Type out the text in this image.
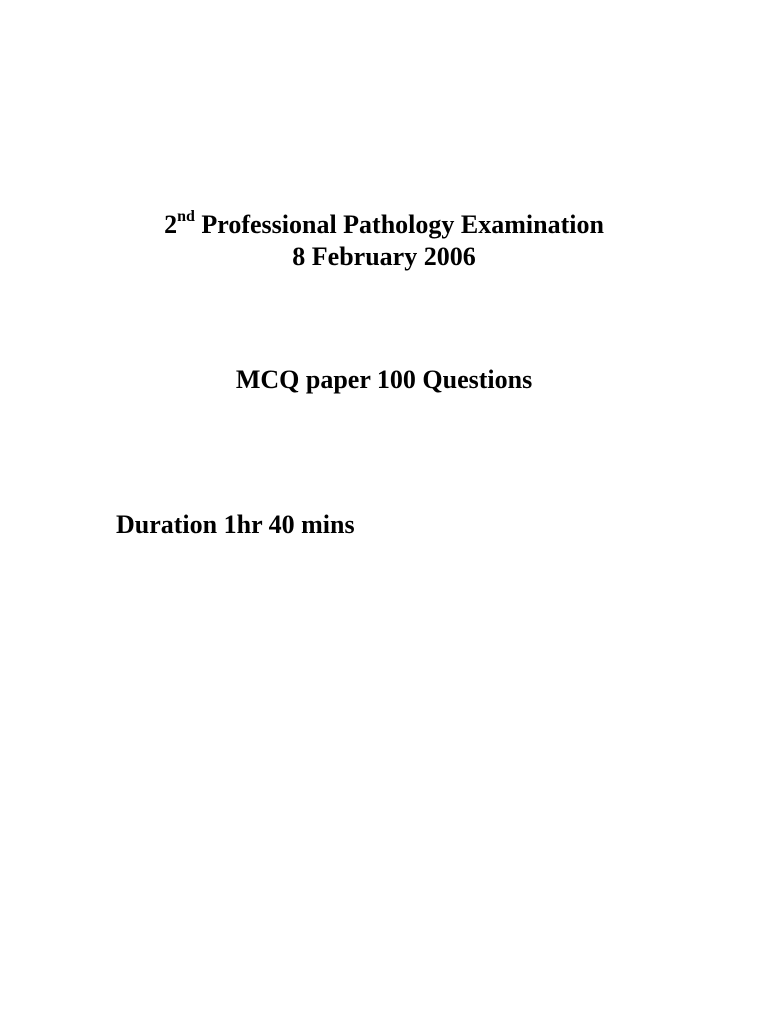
2nd Professional Pathology Examination
8 February 2006
MCQ paper 100 Questions
Duration 1hr 40 mins
